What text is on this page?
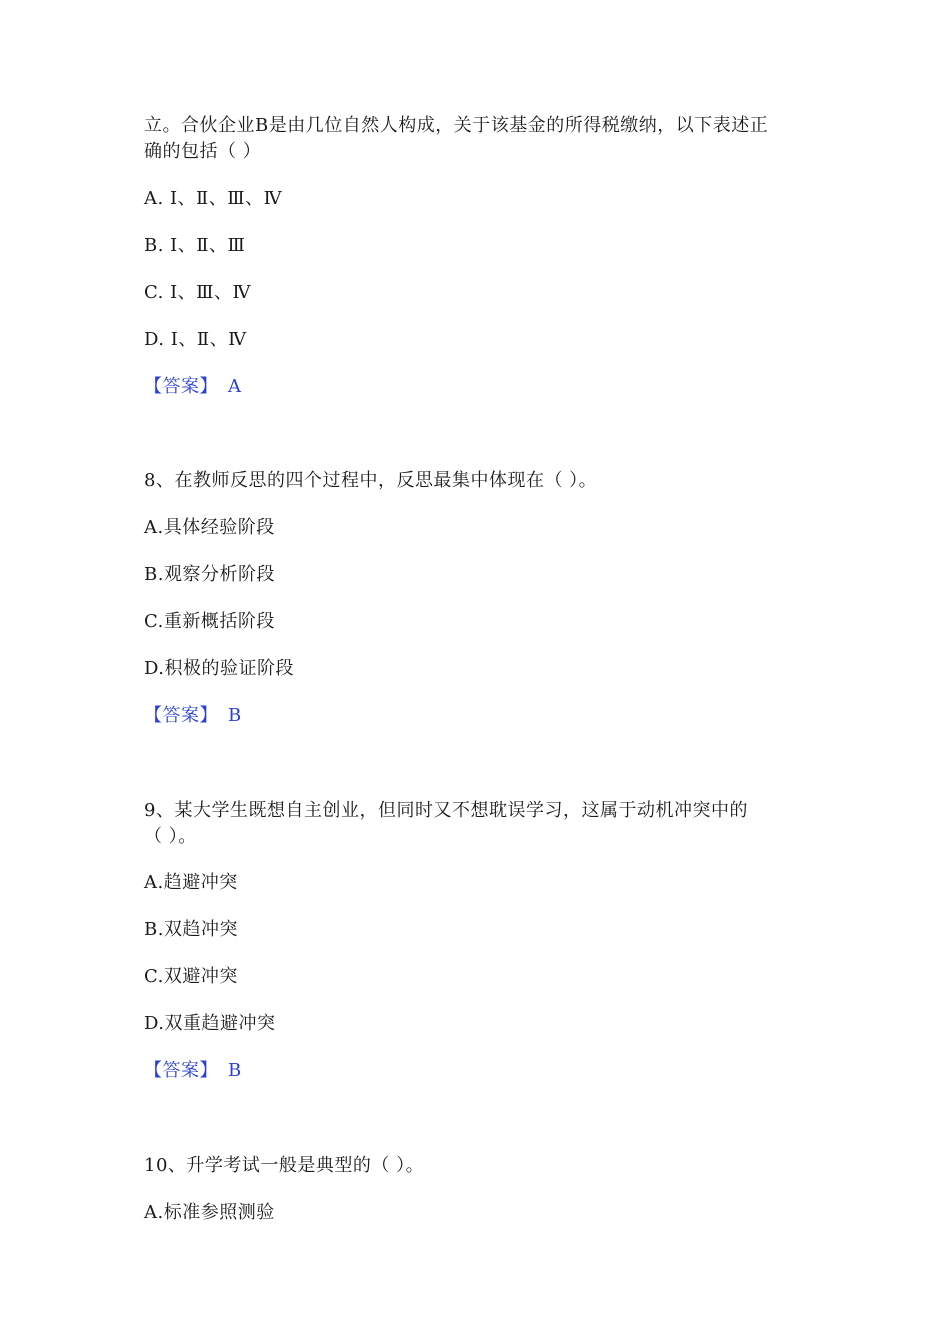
立。合伙企业B是由几位自然人构成，关于该基金的所得税缴纳，以下表述正
确的包括（ ）
A. Ⅰ、Ⅱ、Ⅲ、Ⅳ
B. Ⅰ、Ⅱ、Ⅲ
C. Ⅰ、Ⅲ、Ⅳ
D. Ⅰ、Ⅱ、Ⅳ
【答案】 A
8、在教师反思的四个过程中，反思最集中体现在（ ）。
A.具体经验阶段
B.观察分析阶段
C.重新概括阶段
D.积极的验证阶段
【答案】 B
9、某大学生既想自主创业，但同时又不想耽误学习，这属于动机冲突中的
（ ）。
A.趋避冲突
B.双趋冲突
C.双避冲突
D.双重趋避冲突
【答案】 B
10、升学考试一般是典型的（ ）。
A.标准参照测验
